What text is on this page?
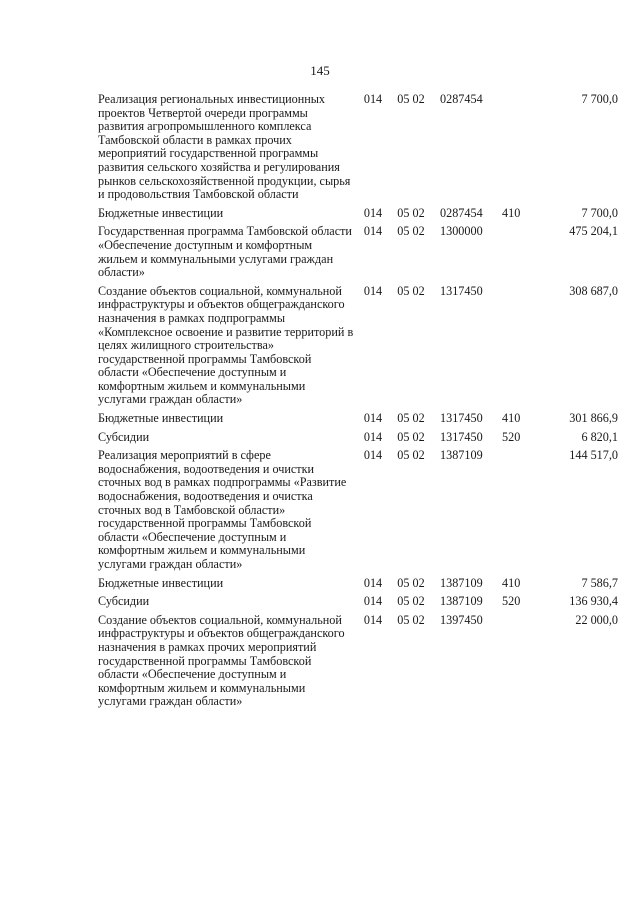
145
Реализация региональных инвестиционных проектов Четвертой очереди программы развития агропромышленного комплекса Тамбовской области в рамках прочих мероприятий государственной программы развития сельского хозяйства и регулирования рынков сельскохозяйственной продукции, сырья и продовольствия Тамбовской области	014	05 02	0287454		7 700,0
Бюджетные инвестиции	014	05 02	0287454	410	7 700,0
Государственная программа Тамбовской области «Обеспечение доступным и комфортным жильем и коммунальными услугами граждан области»	014	05 02	1300000		475 204,1
Создание объектов социальной, коммунальной инфраструктуры и объектов общегражданского назначения в рамках подпрограммы «Комплексное освоение и развитие территорий в целях жилищного строительства» государственной программы Тамбовской области «Обеспечение доступным и комфортным жильем и коммунальными услугами граждан области»	014	05 02	1317450		308 687,0
Бюджетные инвестиции	014	05 02	1317450	410	301 866,9
Субсидии	014	05 02	1317450	520	6 820,1
Реализация мероприятий в сфере водоснабжения, водоотведения и очистки сточных вод в рамках подпрограммы «Развитие водоснабжения, водоотведения и очистка сточных вод в Тамбовской области» государственной программы Тамбовской области «Обеспечение доступным и комфортным жильем и коммунальными услугами граждан области»	014	05 02	1387109		144 517,0
Бюджетные инвестиции	014	05 02	1387109	410	7 586,7
Субсидии	014	05 02	1387109	520	136 930,4
Создание объектов социальной, коммунальной инфраструктуры и объектов общегражданского назначения в рамках прочих мероприятий государственной программы Тамбовской области «Обеспечение доступным и комфортным жильем и коммунальными услугами граждан области»	014	05 02	1397450		22 000,0
